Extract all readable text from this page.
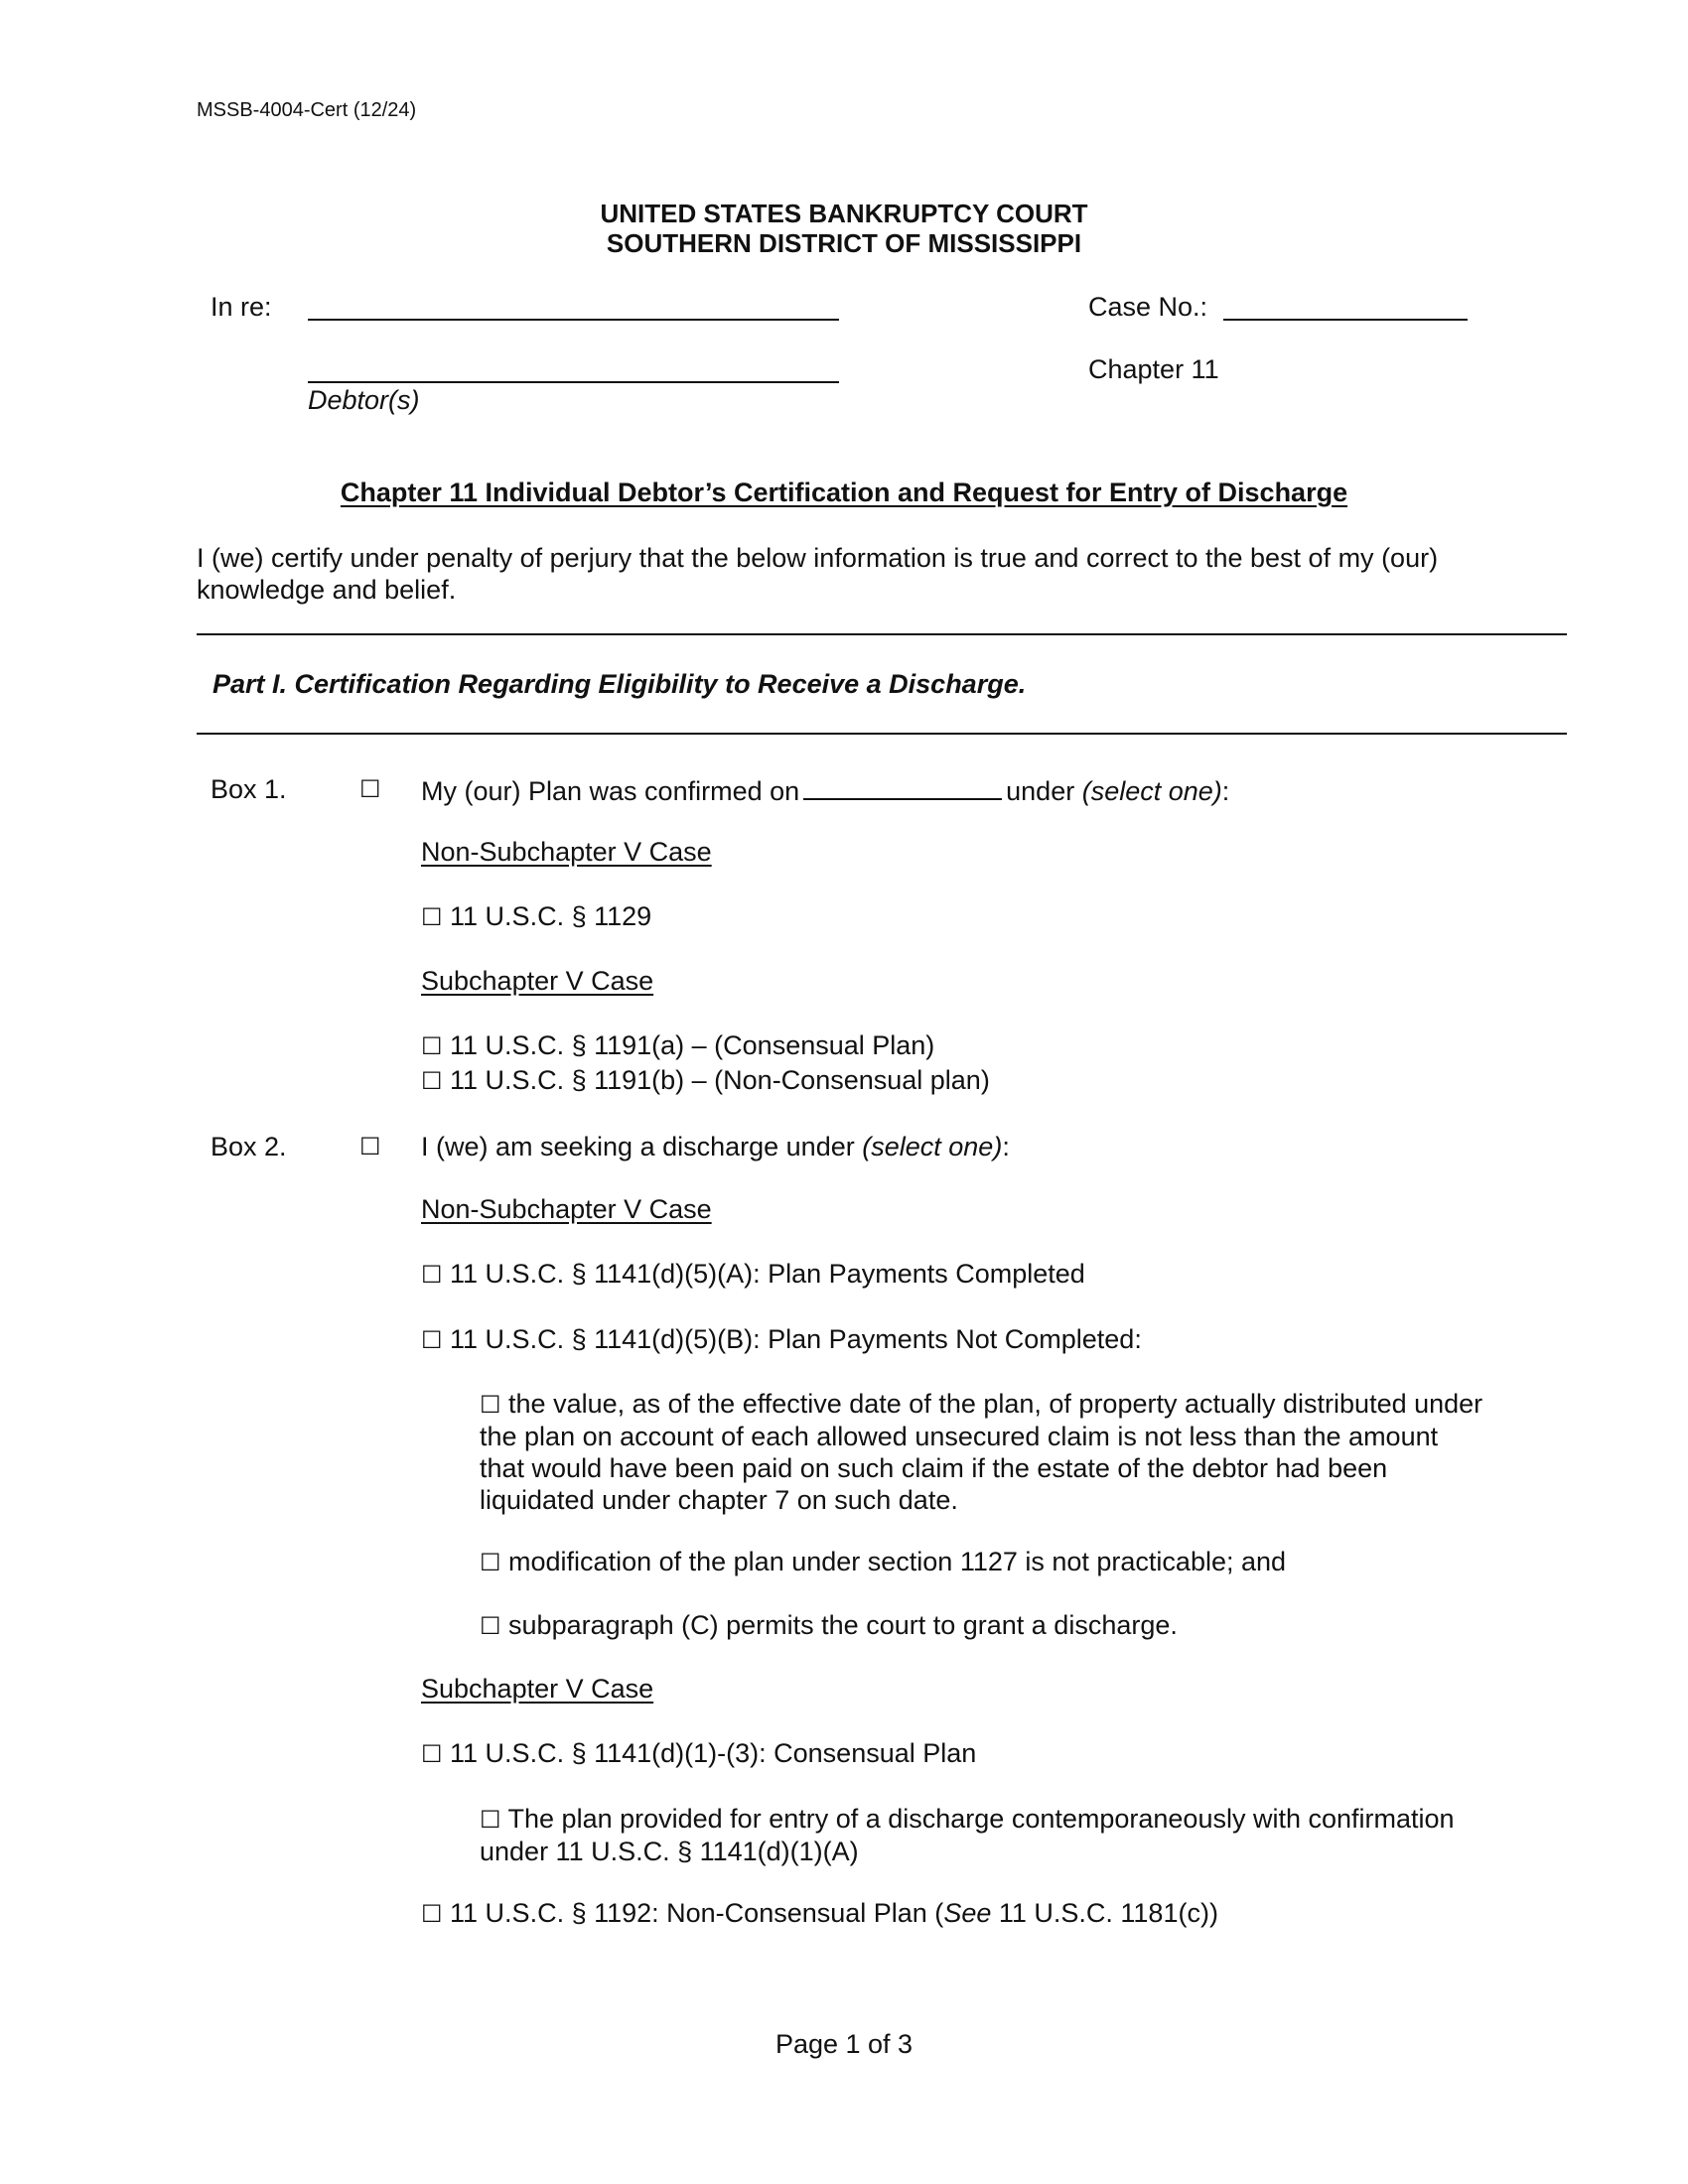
MSSB-4004-Cert (12/24)
UNITED STATES BANKRUPTCY COURT
SOUTHERN DISTRICT OF MISSISSIPPI
In re:
Debtor(s)
Case No.:
Chapter 11
Chapter 11 Individual Debtor’s Certification and Request for Entry of Discharge
I (we) certify under penalty of perjury that the below information is true and correct to the best of my (our) knowledge and belief.
Part I. Certification Regarding Eligibility to Receive a Discharge.
Box 1.	☐ My (our) Plan was confirmed on	under (select one):
Non-Subchapter V Case
☐ 11 U.S.C. § 1129
Subchapter V Case
☐ 11 U.S.C. § 1191(a) – (Consensual Plan)
☐ 11 U.S.C. § 1191(b) – (Non-Consensual plan)
Box 2.	☐ I (we) am seeking a discharge under (select one):
Non-Subchapter V Case
☐ 11 U.S.C. § 1141(d)(5)(A): Plan Payments Completed
☐ 11 U.S.C. § 1141(d)(5)(B): Plan Payments Not Completed:
☐ the value, as of the effective date of the plan, of property actually distributed under the plan on account of each allowed unsecured claim is not less than the amount that would have been paid on such claim if the estate of the debtor had been liquidated under chapter 7 on such date.
☐ modification of the plan under section 1127 is not practicable; and
☐ subparagraph (C) permits the court to grant a discharge.
Subchapter V Case
☐ 11 U.S.C. § 1141(d)(1)-(3): Consensual Plan
☐ The plan provided for entry of a discharge contemporaneously with confirmation under 11 U.S.C. § 1141(d)(1)(A)
☐ 11 U.S.C. § 1192: Non-Consensual Plan (See 11 U.S.C. 1181(c))
Page 1 of 3
